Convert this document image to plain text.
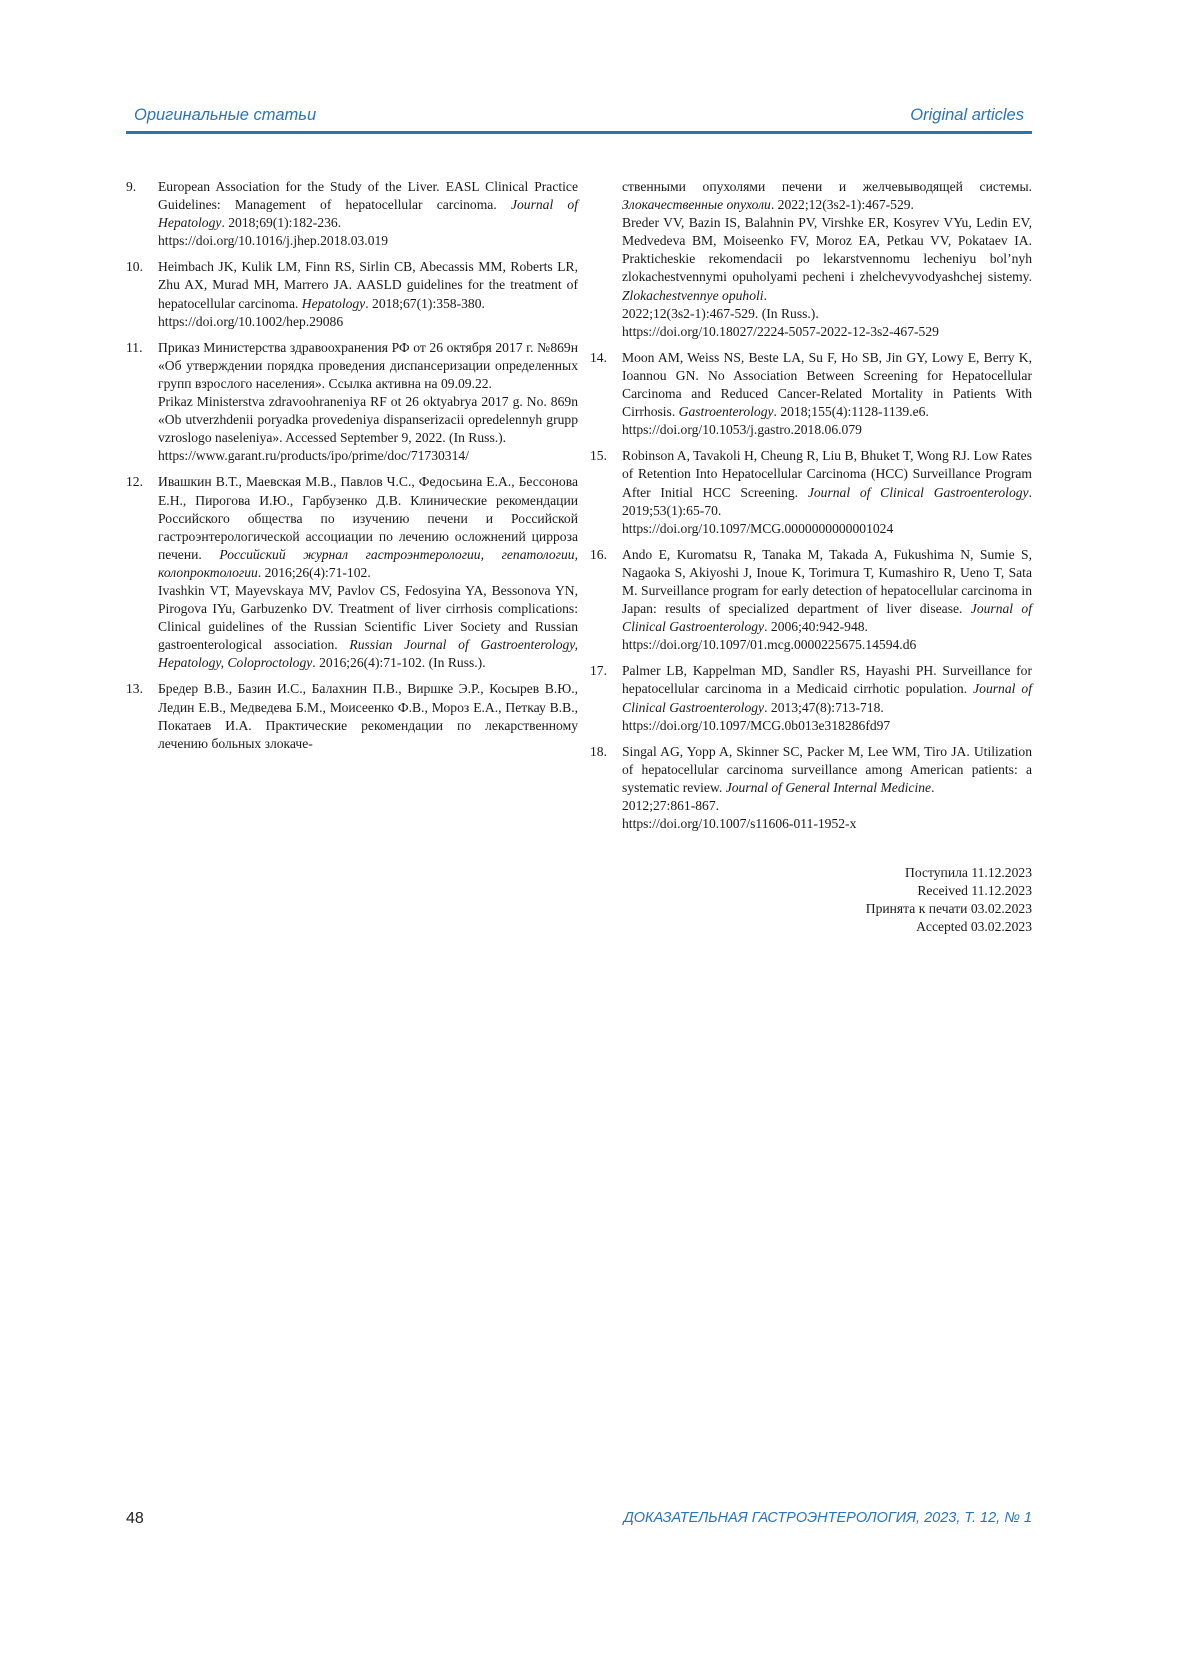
Оригинальные статьи	Original articles
9. European Association for the Study of the Liver. EASL Clinical Practice Guidelines: Management of hepatocellular carcinoma. Journal of Hepatology. 2018;69(1):182-236.
https://doi.org/10.1016/j.jhep.2018.03.019
10. Heimbach JK, Kulik LM, Finn RS, Sirlin CB, Abecassis MM, Roberts LR, Zhu AX, Murad MH, Marrero JA. AASLD guidelines for the treatment of hepatocellular carcinoma. Hepatology. 2018;67(1):358-380.
https://doi.org/10.1002/hep.29086
11. Приказ Министерства здравоохранения РФ от 26 октября 2017 г. №869н «Об утверждении порядка проведения диспансеризации определенных групп взрослого населения». Ссылка активна на 09.09.22.
Prikaz Ministerstva zdravoohraneniya RF ot 26 oktyabrya 2017 g. No. 869n «Ob utverzhdenii poryadka provedeniya dispanserizacii opredelennyh grupp vzroslogo naseleniya». Accessed September 9, 2022. (In Russ.).
https://www.garant.ru/products/ipo/prime/doc/71730314/
12. Ивашкин В.Т., Маевская М.В., Павлов Ч.С., Федосьина Е.А., Бессонова Е.Н., Пирогова И.Ю., Гарбузенко Д.В. Клинические рекомендации Российского общества по изучению печени и Российской гастроэнтерологической ассоциации по лечению осложнений цирроза печени. Российский журнал гастроэнтерологии, гепатологии, колопроктологии. 2016;26(4):71-102.
Ivashkin VT, Mayevskaya MV, Pavlov CS, Fedosyina YA, Bessonova YN, Pirogova IYu, Garbuzenko DV. Treatment of liver cirrhosis complications: Clinical guidelines of the Russian Scientific Liver Society and Russian gastroenterological association. Russian Journal of Gastroenterology, Hepatology, Coloproctology. 2016;26(4):71-102. (In Russ.).
13. Бредер В.В., Базин И.С., Балахнин П.В., Виршке Э.Р., Косырев В.Ю., Ледин Е.В., Медведева Б.М., Моисеенко Ф.В., Мороз Е.А., Петкау В.В., Покатаев И.А. Практические рекомендации по лекарственному лечению больных злокаче-
ственными опухолями печени и желчевыводящей системы. Злокачественные опухоли. 2022;12(3s2-1):467-529.
Breder VV, Bazin IS, Balahnin PV, Virshke ER, Kosyrev VYu, Ledin EV, Medvedeva BM, Moiseenko FV, Moroz EA, Petkau VV, Pokataev IA. Prakticheskie rekomendacii po lekarstvennomu lecheniyu bol’nyh zlokachestvennymi opuholyami pecheni i zhelchevyvodyashchej sistemy. Zlokachestvennye opuholi.
2022;12(3s2-1):467-529. (In Russ.).
https://doi.org/10.18027/2224-5057-2022-12-3s2-467-529
14. Moon AM, Weiss NS, Beste LA, Su F, Ho SB, Jin GY, Lowy E, Berry K, Ioannou GN. No Association Between Screening for Hepatocellular Carcinoma and Reduced Cancer-Related Mortality in Patients With Cirrhosis. Gastroenterology. 2018;155(4):1128-1139.e6.
https://doi.org/10.1053/j.gastro.2018.06.079
15. Robinson A, Tavakoli H, Cheung R, Liu B, Bhuket T, Wong RJ. Low Rates of Retention Into Hepatocellular Carcinoma (HCC) Surveillance Program After Initial HCC Screening. Journal of Clinical Gastroenterology. 2019;53(1):65-70.
https://doi.org/10.1097/MCG.0000000000001024
16. Ando E, Kuromatsu R, Tanaka M, Takada A, Fukushima N, Sumie S, Nagaoka S, Akiyoshi J, Inoue K, Torimura T, Kumashiro R, Ueno T, Sata M. Surveillance program for early detection of hepatocellular carcinoma in Japan: results of specialized department of liver disease. Journal of Clinical Gastroenterology. 2006;40:942-948.
https://doi.org/10.1097/01.mcg.0000225675.14594.d6
17. Palmer LB, Kappelman MD, Sandler RS, Hayashi PH. Surveillance for hepatocellular carcinoma in a Medicaid cirrhotic population. Journal of Clinical Gastroenterology. 2013;47(8):713-718.
https://doi.org/10.1097/MCG.0b013e318286fd97
18. Singal AG, Yopp A, Skinner SC, Packer M, Lee WM, Tiro JA. Utilization of hepatocellular carcinoma surveillance among American patients: a systematic review. Journal of General Internal Medicine.
2012;27:861-867.
https://doi.org/10.1007/s11606-011-1952-x
Поступила 11.12.2023
Received 11.12.2023
Принята к печати 03.02.2023
Accepted 03.02.2023
48	ДОКАЗАТЕЛЬНАЯ ГАСТРОЭНТЕРОЛОГИЯ, 2023, Т. 12, № 1
